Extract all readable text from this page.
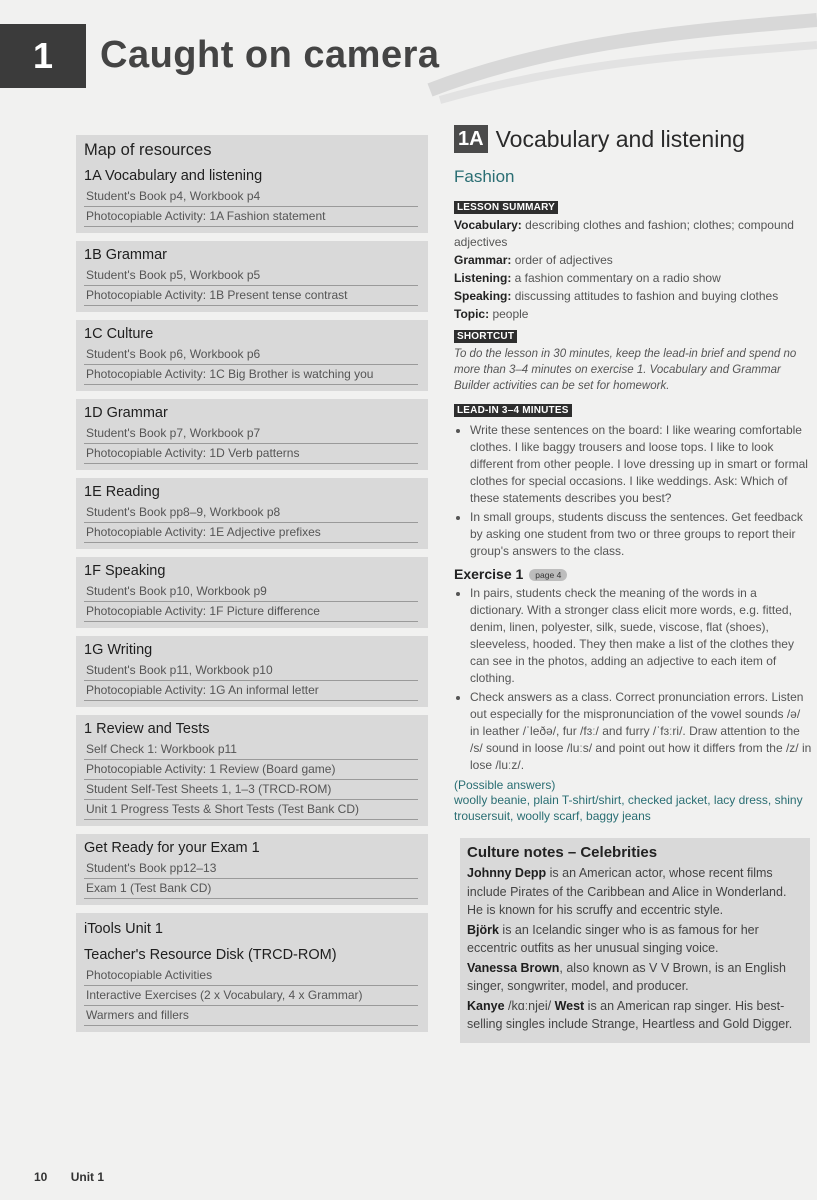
1	Caught on camera
Map of resources
1A Vocabulary and listening
Student's Book p4, Workbook p4
Photocopiable Activity: 1A Fashion statement
1B Grammar
Student's Book p5, Workbook p5
Photocopiable Activity: 1B Present tense contrast
1C Culture
Student's Book p6, Workbook p6
Photocopiable Activity: 1C Big Brother is watching you
1D Grammar
Student's Book p7, Workbook p7
Photocopiable Activity: 1D Verb patterns
1E Reading
Student's Book pp8–9, Workbook p8
Photocopiable Activity: 1E Adjective prefixes
1F Speaking
Student's Book p10, Workbook p9
Photocopiable Activity: 1F Picture difference
1G Writing
Student's Book p11, Workbook p10
Photocopiable Activity: 1G An informal letter
1 Review and Tests
Self Check 1: Workbook p11
Photocopiable Activity: 1 Review (Board game)
Student Self-Test Sheets 1, 1–3 (TRCD-ROM)
Unit 1 Progress Tests & Short Tests (Test Bank CD)
Get Ready for your Exam 1
Student's Book pp12–13
Exam 1 (Test Bank CD)
iTools Unit 1
Teacher's Resource Disk (TRCD-ROM)
Photocopiable Activities
Interactive Exercises (2 x Vocabulary, 4 x Grammar)
Warmers and fillers
1A Vocabulary and listening
Fashion
LESSON SUMMARY
Vocabulary: describing clothes and fashion; clothes; compound adjectives
Grammar: order of adjectives
Listening: a fashion commentary on a radio show
Speaking: discussing attitudes to fashion and buying clothes
Topic: people
SHORTCUT
To do the lesson in 30 minutes, keep the lead-in brief and spend no more than 3–4 minutes on exercise 1. Vocabulary and Grammar Builder activities can be set for homework.
LEAD-IN 3–4 MINUTES
• Write these sentences on the board: I like wearing comfortable clothes. I like baggy trousers and loose tops. I like to look different from other people. I love dressing up in smart or formal clothes for special occasions. I like weddings. Ask: Which of these statements describes you best?
• In small groups, students discuss the sentences. Get feedback by asking one student from two or three groups to report their group's answers to the class.
Exercise 1 page 4
• In pairs, students check the meaning of the words in a dictionary. With a stronger class elicit more words, e.g. fitted, denim, linen, polyester, silk, suede, viscose, flat (shoes), sleeveless, hooded. They then make a list of the clothes they can see in the photos, adding an adjective to each item of clothing.
• Check answers as a class. Correct pronunciation errors. Listen out especially for the mispronunciation of the vowel sounds /ə/ in leather /ˈleðə/, fur /fɜː/ and furry /ˈfɜːri/. Draw attention to the /s/ sound in loose /luːs/ and point out how it differs from the /z/ in lose /luːz/.
(Possible answers)
woolly beanie, plain T-shirt/shirt, checked jacket, lacy dress, shiny trousersuit, woolly scarf, baggy jeans
Culture notes – Celebrities
Johnny Depp is an American actor, whose recent films include Pirates of the Caribbean and Alice in Wonderland. He is known for his scruffy and eccentric style.
Björk is an Icelandic singer who is as famous for her eccentric outfits as her unusual singing voice.
Vanessa Brown, also known as V V Brown, is an English singer, songwriter, model, and producer.
Kanye /kɑːnjei/ West is an American rap singer. His best-selling singles include Strange, Heartless and Gold Digger.
10 Unit 1
